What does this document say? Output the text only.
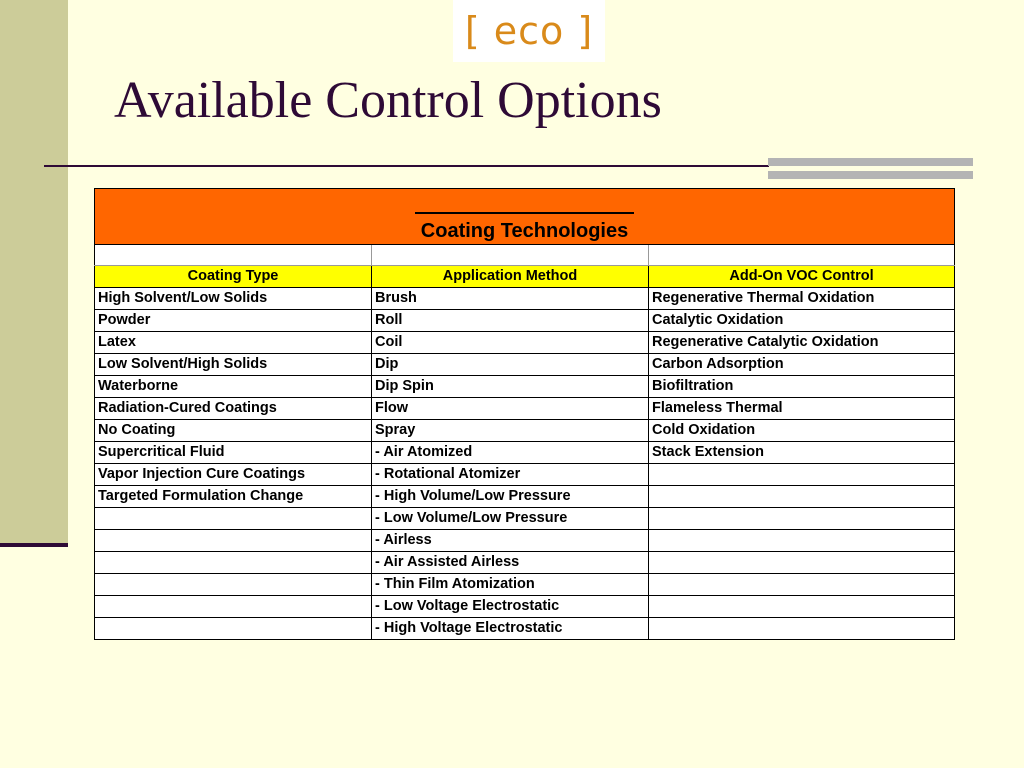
[ eco ]
Available Control Options
Coating Technologies		

Coating Type	Application Method	Add-On VOC Control
High Solvent/Low Solids	Brush	Regenerative Thermal Oxidation
Powder	Roll	Catalytic Oxidation
Latex	Coil	Regenerative Catalytic Oxidation
Low Solvent/High Solids	Dip	Carbon Adsorption
Waterborne	Dip Spin	Biofiltration
Radiation-Cured Coatings	Flow	Flameless Thermal
No Coating	Spray	Cold Oxidation
Supercritical Fluid	- Air Atomized	Stack Extension
Vapor Injection Cure Coatings	- Rotational Atomizer	
Targeted Formulation Change	- High Volume/Low Pressure	
	- Low Volume/Low Pressure	
	- Airless	
	- Air Assisted Airless	
	- Thin Film Atomization	
	- Low Voltage Electrostatic	
	- High Voltage Electrostatic	
